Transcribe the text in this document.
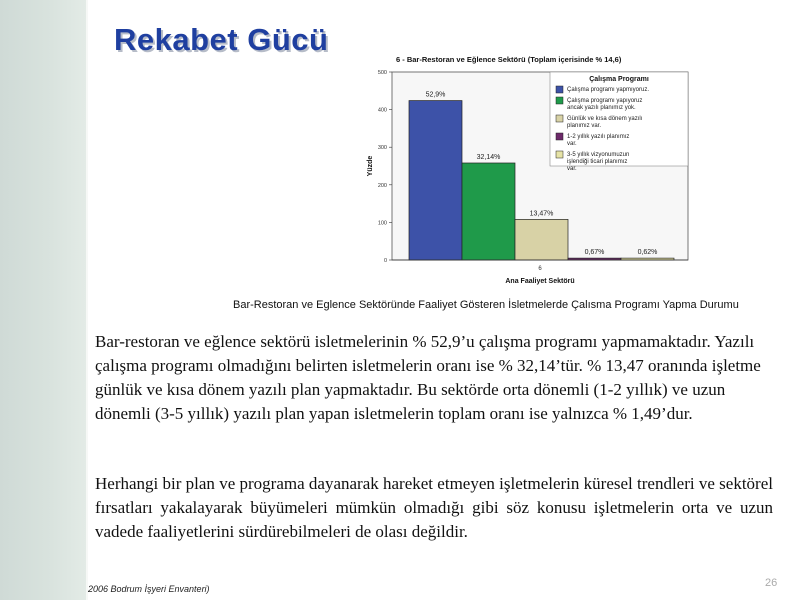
Rekabet Gücü
6 - Bar-Restoran ve Eğlence Sektörü (Toplam içerisinde % 14,6)
0
100
200
300
400
500
52,9%
32,14%
13,47%
0,67%	0,62%
6
Ana Faaliyet Sektörü
Yüzde
Çalışma Programı
Çalışma programı yapmıyoruz.
Çalışma programı yapıyoruz ancak yazılı planımız yok.
Günlük ve kısa dönem yazılı planımız var.
1-2 yıllık yazılı planımız var.
3-5 yıllık vizyonumuzun işlendiği ticari planımız var.
Bar-Restoran ve Eglence Sektöründe Faaliyet Gösteren İsletmelerde Çalısma Programı Yapma Durumu

Bar-restoran ve eğlence sektörü isletmelerinin % 52,9’u çalışma programı yapmamaktadır. Yazılı çalışma programı olmadığını belirten isletmelerin oranı ise % 32,14’tür. % 13,47 oranında işletme günlük ve kısa dönem yazılı plan yapmaktadır. Bu sektörde orta dönemli (1-2 yıllık) ve uzun dönemli (3-5 yıllık) yazılı plan yapan isletmelerin toplam oranı ise yalnızca % 1,49’dur.

Herhangi bir plan ve programa dayanarak hareket etmeyen işletmelerin küresel trendleri ve sektörel fırsatları yakalayarak büyümeleri mümkün olmadığı gibi söz konusu işletmelerin orta ve uzun vadede faaliyetlerini sürdürebilmeleri de olası değildir.

2006 Bodrum İşyeri Envanteri)	26
